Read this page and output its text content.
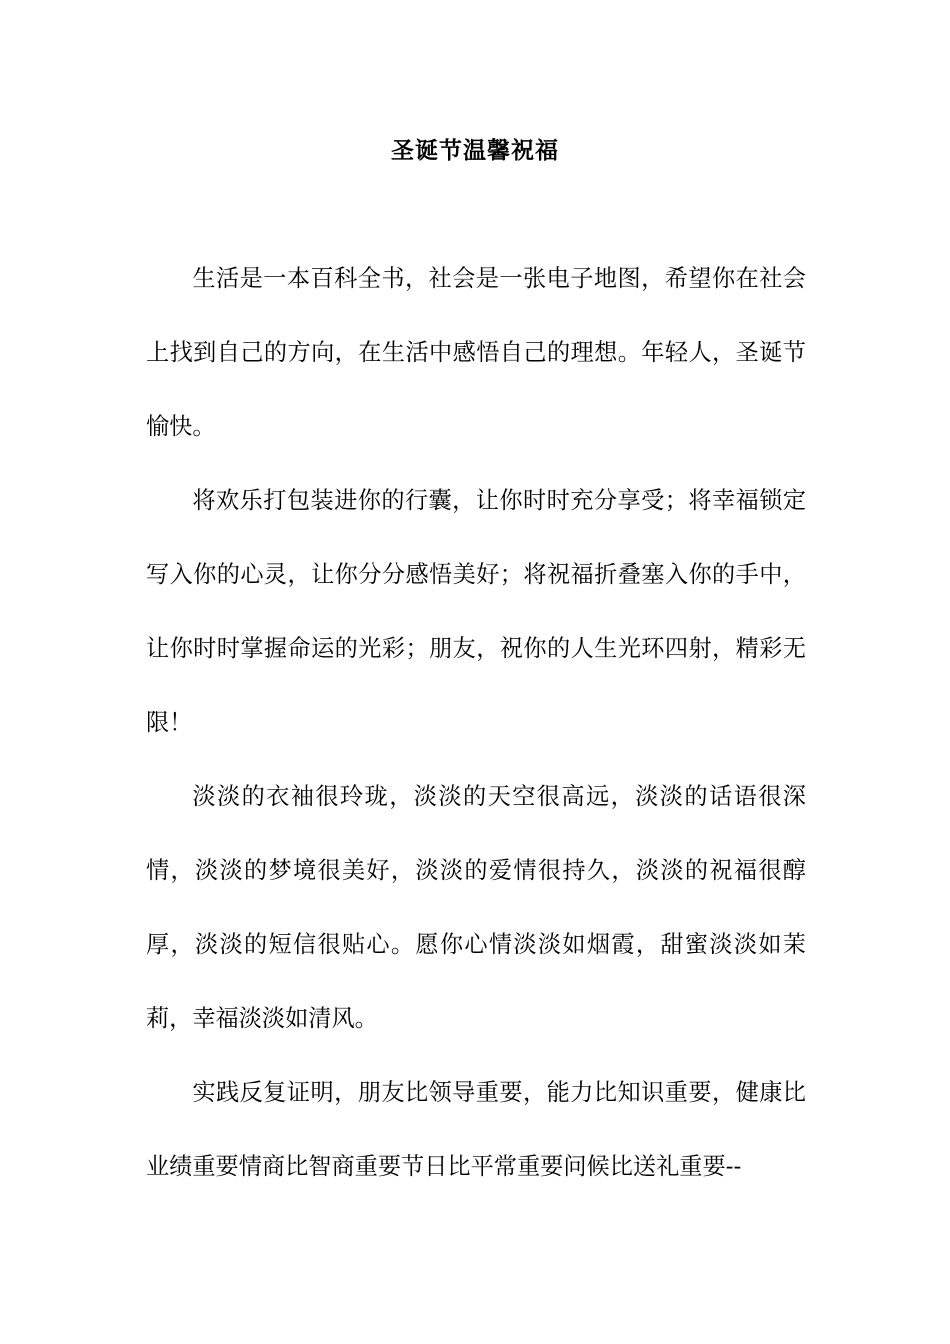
圣诞节温馨祝福

生活是一本百科全书，社会是一张电子地图，希望你在社会上找到自己的方向，在生活中感悟自己的理想。年轻人，圣诞节愉快。

将欢乐打包装进你的行囊，让你时时充分享受；将幸福锁定写入你的心灵，让你分分感悟美好；将祝福折叠塞入你的手中，让你时时掌握命运的光彩；朋友，祝你的人生光环四射，精彩无限！

淡淡的衣袖很玲珑，淡淡的天空很高远，淡淡的话语很深情，淡淡的梦境很美好，淡淡的爱情很持久，淡淡的祝福很醇厚，淡淡的短信很贴心。愿你心情淡淡如烟霞，甜蜜淡淡如茉莉，幸福淡淡如清风。

实践反复证明，朋友比领导重要，能力比知识重要，健康比业绩重要情商比智商重要节日比平常重要问候比送礼重要--
